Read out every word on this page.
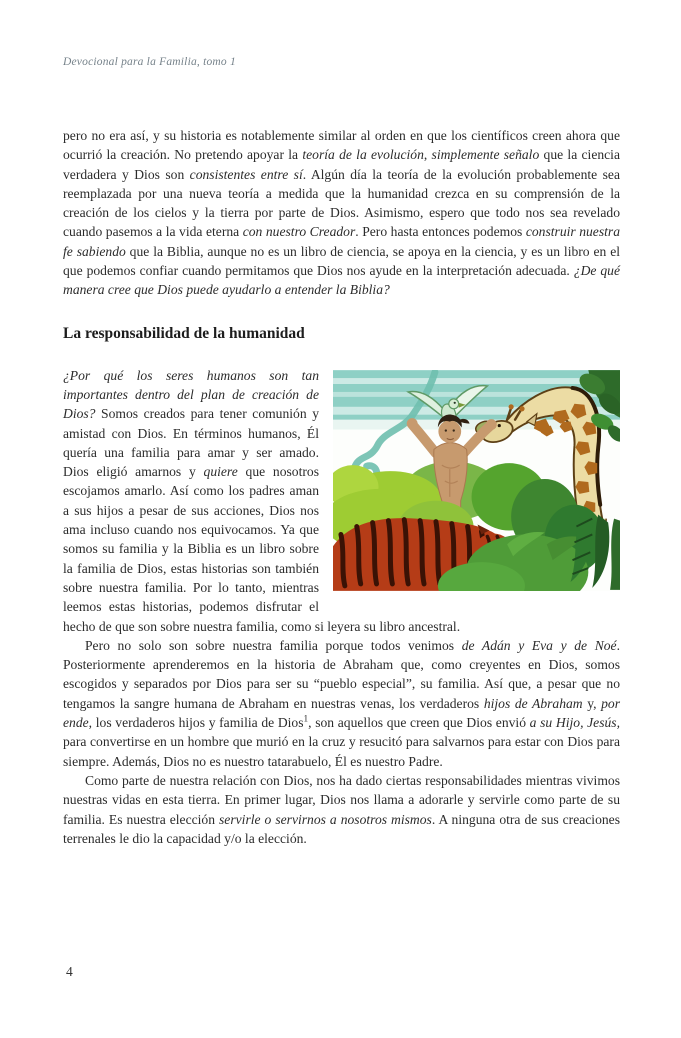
Devocional para la Familia, tomo 1
pero no era así, y su historia es notablemente similar al orden en que los científicos creen ahora que ocurrió la creación. No pretendo apoyar la teoría de la evolución, simplemente señalo que la ciencia verdadera y Dios son consistentes entre sí. Algún día la teoría de la evolución probablemente sea reemplazada por una nueva teoría a medida que la humanidad crezca en su comprensión de la creación de los cielos y la tierra por parte de Dios. Asimismo, espero que todo nos sea revelado cuando pasemos a la vida eterna con nuestro Creador. Pero hasta entonces podemos construir nuestra fe sabiendo que la Biblia, aunque no es un libro de ciencia, se apoya en la ciencia, y es un libro en el que podemos confiar cuando permitamos que Dios nos ayude en la interpretación adecuada. ¿De qué manera cree que Dios puede ayudarlo a entender la Biblia?
La responsabilidad de la humanidad
¿Por qué los seres humanos son tan importantes dentro del plan de creación de Dios? Somos creados para tener comunión y amistad con Dios. En términos humanos, Él quería una familia para amar y ser amado. Dios eligió amarnos y quiere que nosotros escojamos amarlo. Así como los padres aman a sus hijos a pesar de sus acciones, Dios nos ama incluso cuando nos equivocamos. Ya que somos su familia y la Biblia es un libro sobre la familia de Dios, estas historias son también sobre nuestra familia. Por lo tanto, mientras leemos estas historias, podemos disfrutar el hecho de que son sobre nuestra familia, como si leyera su libro ancestral.
Pero no solo son sobre nuestra familia porque todos venimos de Adán y Eva y de Noé. Posteriormente aprenderemos en la historia de Abraham que, como creyentes en Dios, somos escogidos y separados por Dios para ser su “pueblo especial”, su familia. Así que, a pesar que no tengamos la sangre humana de Abraham en nuestras venas, los verdaderos hijos de Abraham y, por ende, los verdaderos hijos y familia de Dios$^1$, son aquellos que creen que Dios envió a su Hijo, Jesús, para convertirse en un hombre que murió en la cruz y resucitó para salvarnos para estar con Dios para siempre. Además, Dios no es nuestro tatarabuelo, Él es nuestro Padre.
Como parte de nuestra relación con Dios, nos ha dado ciertas responsabilidades mientras vivimos nuestras vidas en esta tierra. En primer lugar, Dios nos llama a adorarle y servirle como parte de su familia. Es nuestra elección servirle o servirnos a nosotros mismos. A ninguna otra de sus creaciones terrenales le dio la capacidad y/o la elección.
4
